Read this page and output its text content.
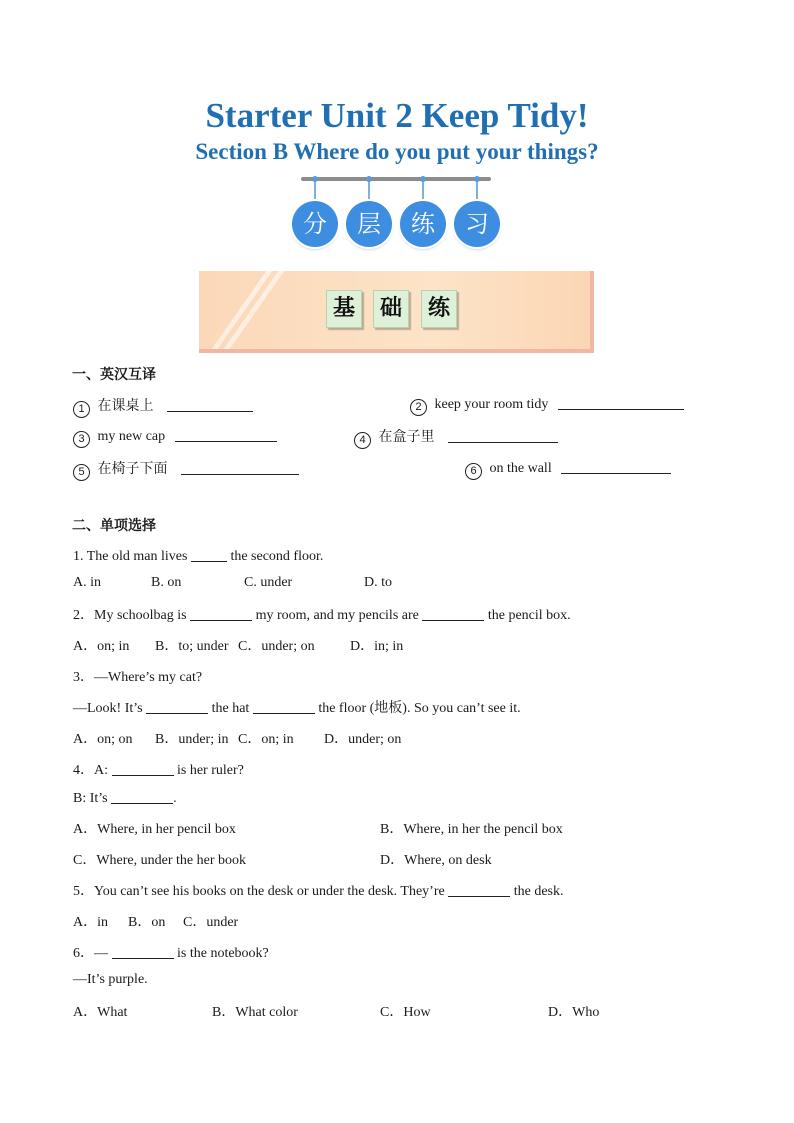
Starter Unit 2 Keep Tidy!
Section B Where do you put your things?
分	层	练	习
基	础	练
一、英汉互译
1 在课桌上	2 keep your room tidy
3 my new cap	4 在盒子里
5 在椅子下面	6 on the wall
二、单项选择
1. The old man lives	the second floor.
A. in	B. on	C. under	D. to
2．My schoolbag is	my room, and my pencils are	the pencil box.
A．on; in B．to; under C．under; on	D．in; in
3．—Where’s my cat?
—Look! It’s	the hat	the floor (地板). So you can’t see it.
A．on; on B．under; in C．on; in D．under; on
4．A:	is her ruler?
B: It’s	.
A．Where, in her pencil box	B．Where, in her the pencil box
C．Where, under the her book	D．Where, on desk
5．You can’t see his books on the desk or under the desk. They’re	the desk.
A．in B．on C．under
6．—	is the notebook?
—It’s purple.
A．What	B．What color	C．How	D．Who
